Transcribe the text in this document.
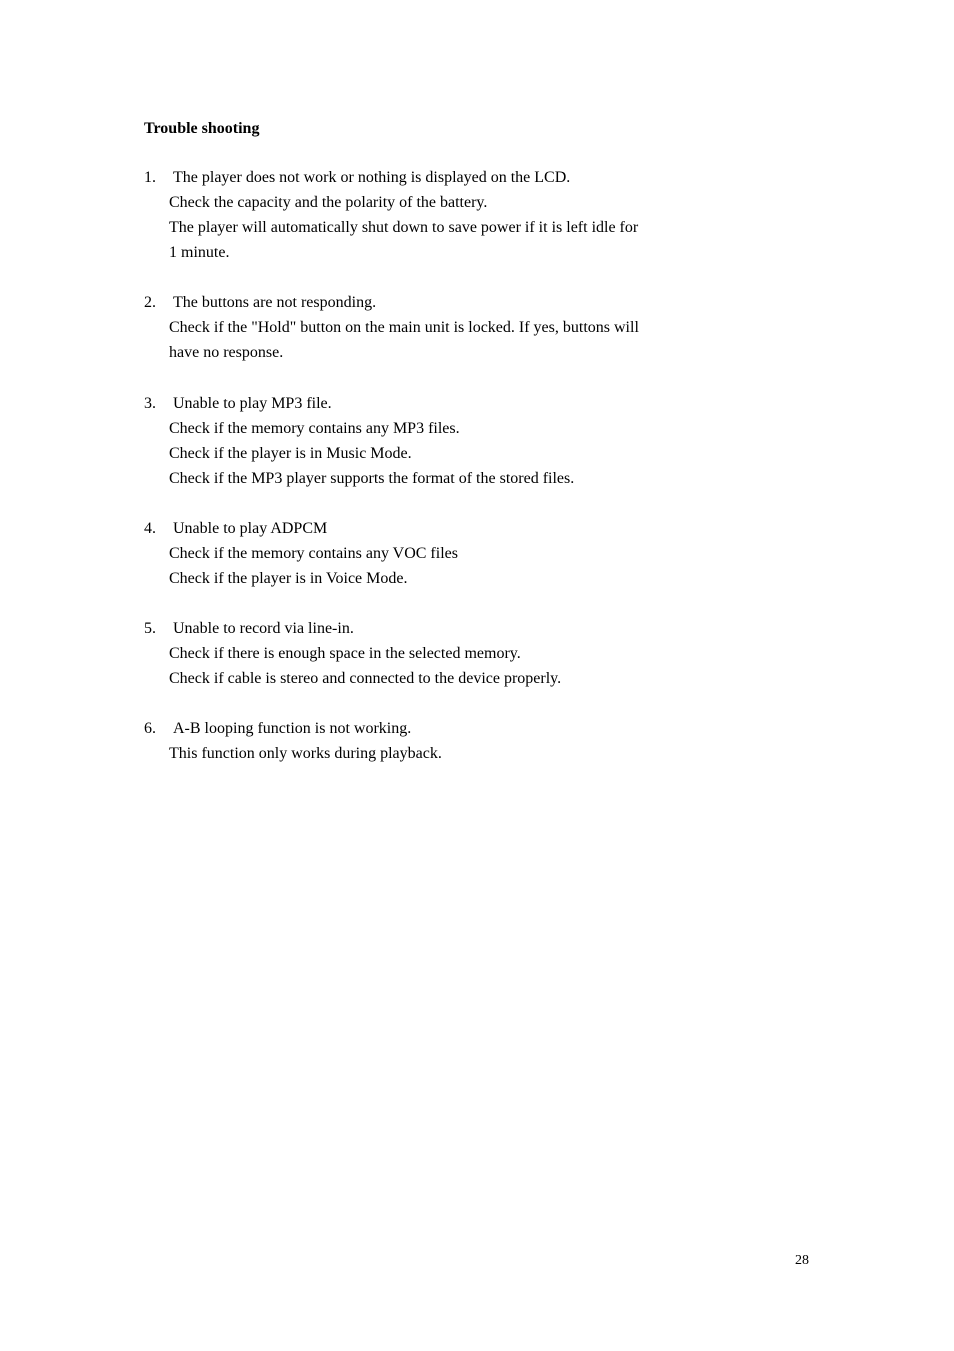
Trouble shooting
1. The player does not work or nothing is displayed on the LCD.
Check the capacity and the polarity of the battery.
The player will automatically shut down to save power if it is left idle for
1 minute.
2. The buttons are not responding.
Check if the "Hold" button on the main unit is locked. If yes, buttons will
have no response.
3. Unable to play MP3 file.
Check if the memory contains any MP3 files.
Check if the player is in Music Mode.
Check if the MP3 player supports the format of the stored files.
4. Unable to play ADPCM
Check if the memory contains any VOC files
Check if the player is in Voice Mode.
5. Unable to record via line-in.
Check if there is enough space in the selected memory.
Check if cable is stereo and connected to the device properly.
6. A-B looping function is not working.
This function only works during playback.
28
